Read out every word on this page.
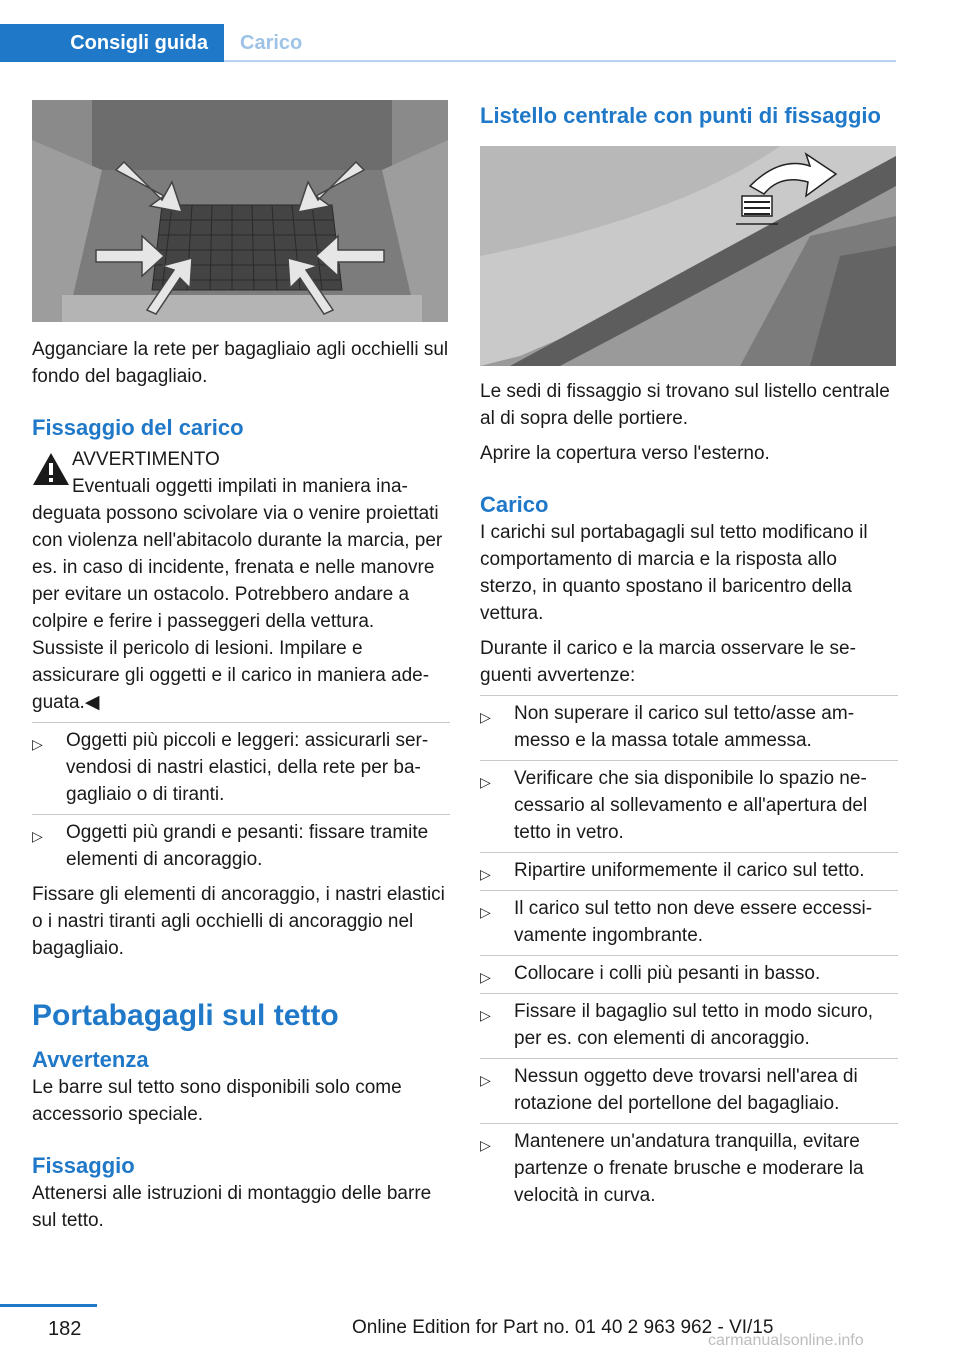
Consigli guida	Carico

Agganciare la rete per bagagliaio agli occhielli sul fondo del bagagliaio.

Fissaggio del carico

AVVERTIMENTO

Eventuali oggetti impilati in maniera ina-

deguata possono scivolare via o venire proiettati con violenza nell'abitacolo durante la marcia, per es. in caso di incidente, frenata e nelle manovre per evitare un ostacolo. Potrebbero andare a colpire e ferire i passeggeri della vettura. Sussiste il pericolo di lesioni. Impilare e assicurare gli oggetti e il carico in maniera adeguata.◀

▷ Oggetti più piccoli e leggeri: assicurarli servendosi di nastri elastici, della rete per bagagliaio o di tiranti.
▷ Oggetti più grandi e pesanti: fissare tramite elementi di ancoraggio.

Fissare gli elementi di ancoraggio, i nastri elastici o i nastri tiranti agli occhielli di ancoraggio nel bagagliaio.

Portabagagli sul tetto
Avvertenza

Le barre sul tetto sono disponibili solo come accessorio speciale.

Fissaggio

Attenersi alle istruzioni di montaggio delle barre sul tetto.

Listello centrale con punti di fissaggio

Le sedi di fissaggio si trovano sul listello centrale al di sopra delle portiere.

Aprire la copertura verso l'esterno.

Carico

I carichi sul portabagagli sul tetto modificano il comportamento di marcia e la risposta allo sterzo, in quanto spostano il baricentro della vettura.

Durante il carico e la marcia osservare le seguenti avvertenze:

▷ Non superare il carico sul tetto/asse ammesso e la massa totale ammessa.
▷ Verificare che sia disponibile lo spazio necessario al sollevamento e all'apertura del tetto in vetro.
▷ Ripartire uniformemente il carico sul tetto.
▷ Il carico sul tetto non deve essere eccessivamente ingombrante.
▷ Collocare i colli più pesanti in basso.
▷ Fissare il bagaglio sul tetto in modo sicuro, per es. con elementi di ancoraggio.
▷ Nessun oggetto deve trovarsi nell'area di rotazione del portellone del bagagliaio.
▷ Mantenere un'andatura tranquilla, evitare partenze o frenate brusche e moderare la velocità in curva.
182	Online Edition for Part no. 01 40 2 963 962 - VI/15
carmanualsonline.info
